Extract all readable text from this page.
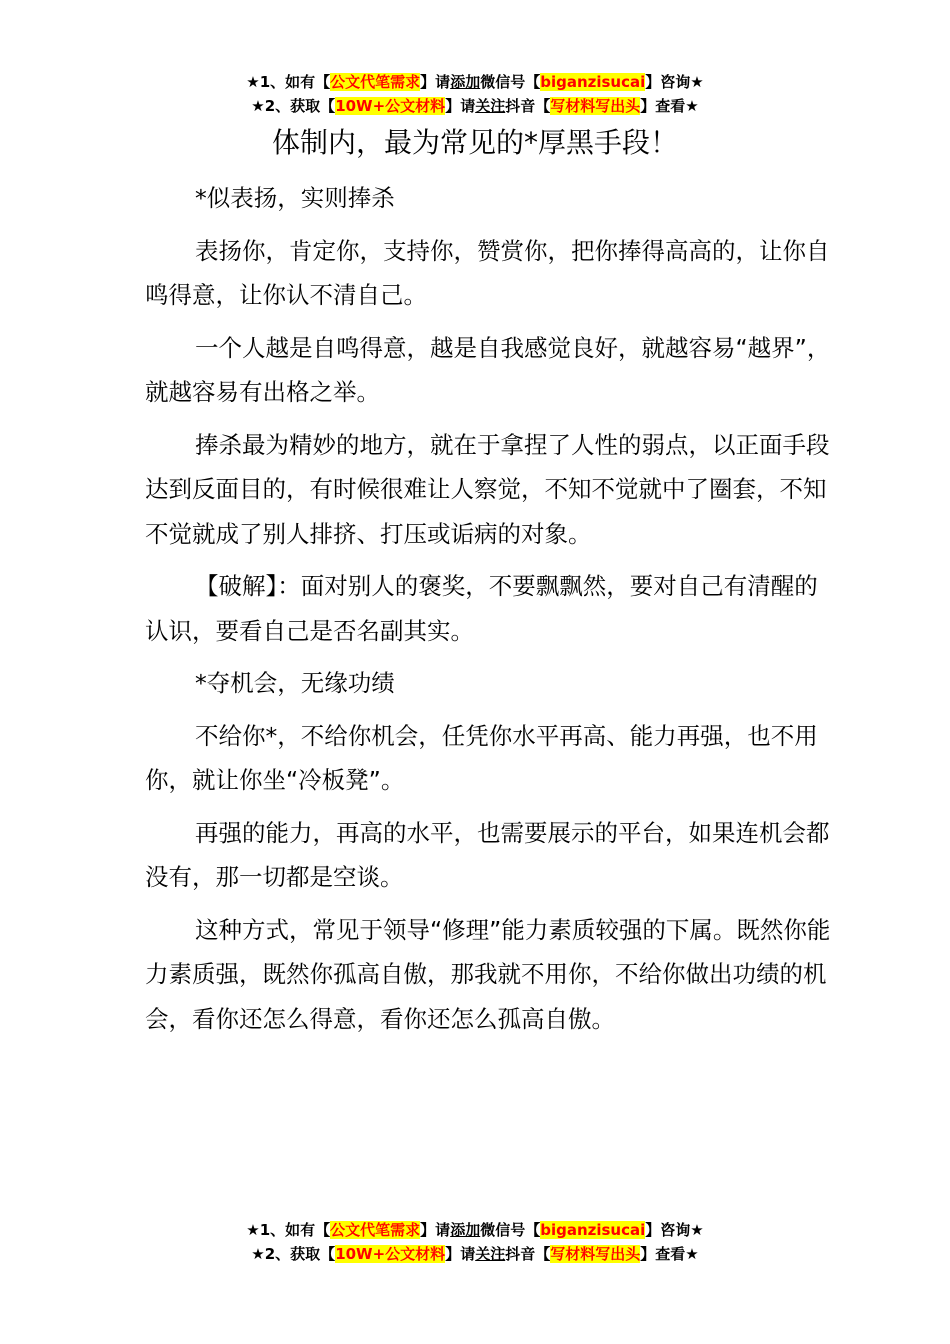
★1、如有【公文代笔需求】请添加微信号【biganzisucai】咨询★
★2、获取【10W+公文材料】请关注抖音【写材料写出头】查看★
体制内，最为常见的*厚黑手段！

*似表扬，实则捧杀

表扬你，肯定你，支持你，赞赏你，把你捧得高高的，让你自鸣得意，让你认不清自己。

一个人越是自鸣得意，越是自我感觉良好，就越容易“越界”，就越容易有出格之举。

捧杀最为精妙的地方，就在于拿捏了人性的弱点，以正面手段达到反面目的，有时候很难让人察觉，不知不觉就中了圈套，不知不觉就成了别人排挤、打压或诟病的对象。

【破解】：面对别人的褒奖，不要飘飘然，要对自己有清醒的认识，要看自己是否名副其实。

*夺机会，无缘功绩

不给你*，不给你机会，任凭你水平再高、能力再强，也不用你，就让你坐“冷板凳”。

再强的能力，再高的水平，也需要展示的平台，如果连机会都没有，那一切都是空谈。

这种方式，常见于领导“修理”能力素质较强的下属。既然你能力素质强，既然你孤高自傲，那我就不用你，不给你做出功绩的机会，看你还怎么得意，看你还怎么孤高自傲。

★1、如有【公文代笔需求】请添加微信号【biganzisucai】咨询★
★2、获取【10W+公文材料】请关注抖音【写材料写出头】查看★
